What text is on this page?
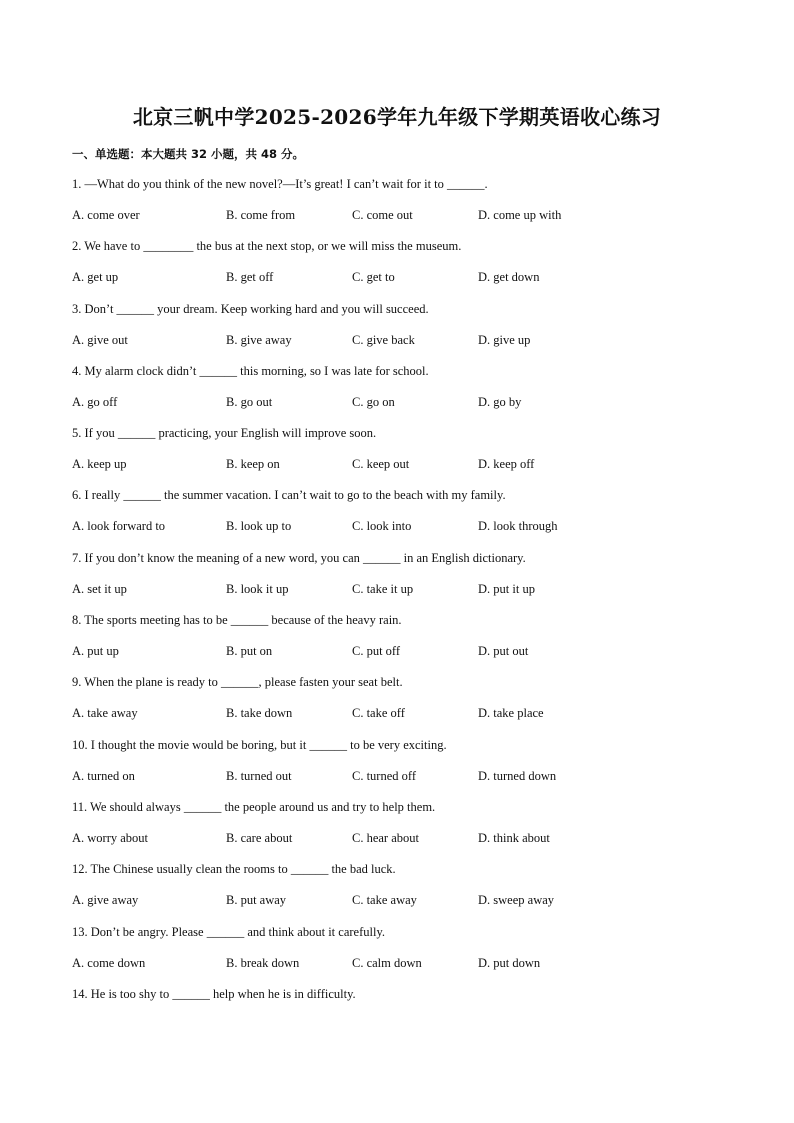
北京三帆中学2025-2026学年九年级下学期英语收心练习
一、单选题：本大题共 32 小题，共 48 分。
1. —What do you think of the new novel?—It’s great! I can’t wait for it to ______.
A. come over	B. come from	C. come out	D. come up with
2. We have to ________ the bus at the next stop, or we will miss the museum.
A. get up	B. get off	C. get to	D. get down
3. Don’t ______ your dream. Keep working hard and you will succeed.
A. give out	B. give away	C. give back	D. give up
4. My alarm clock didn’t ______ this morning, so I was late for school.
A. go off	B. go out	C. go on	D. go by
5. If you ______ practicing, your English will improve soon.
A. keep up	B. keep on	C. keep out	D. keep off
6. I really ______ the summer vacation. I can’t wait to go to the beach with my family.
A. look forward to	B. look up to	C. look into	D. look through
7. If you don’t know the meaning of a new word, you can ______ in an English dictionary.
A. set it up	B. look it up	C. take it up	D. put it up
8. The sports meeting has to be ______ because of the heavy rain.
A. put up	B. put on	C. put off	D. put out
9. When the plane is ready to ______, please fasten your seat belt.
A. take away	B. take down	C. take off	D. take place
10. I thought the movie would be boring, but it ______ to be very exciting.
A. turned on	B. turned out	C. turned off	D. turned down
11. We should always ______ the people around us and try to help them.
A. worry about	B. care about	C. hear about	D. think about
12. The Chinese usually clean the rooms to ______ the bad luck.
A. give away	B. put away	C. take away	D. sweep away
13. Don’t be angry. Please ______ and think about it carefully.
A. come down	B. break down	C. calm down	D. put down
14. He is too shy to ______ help when he is in difficulty.
